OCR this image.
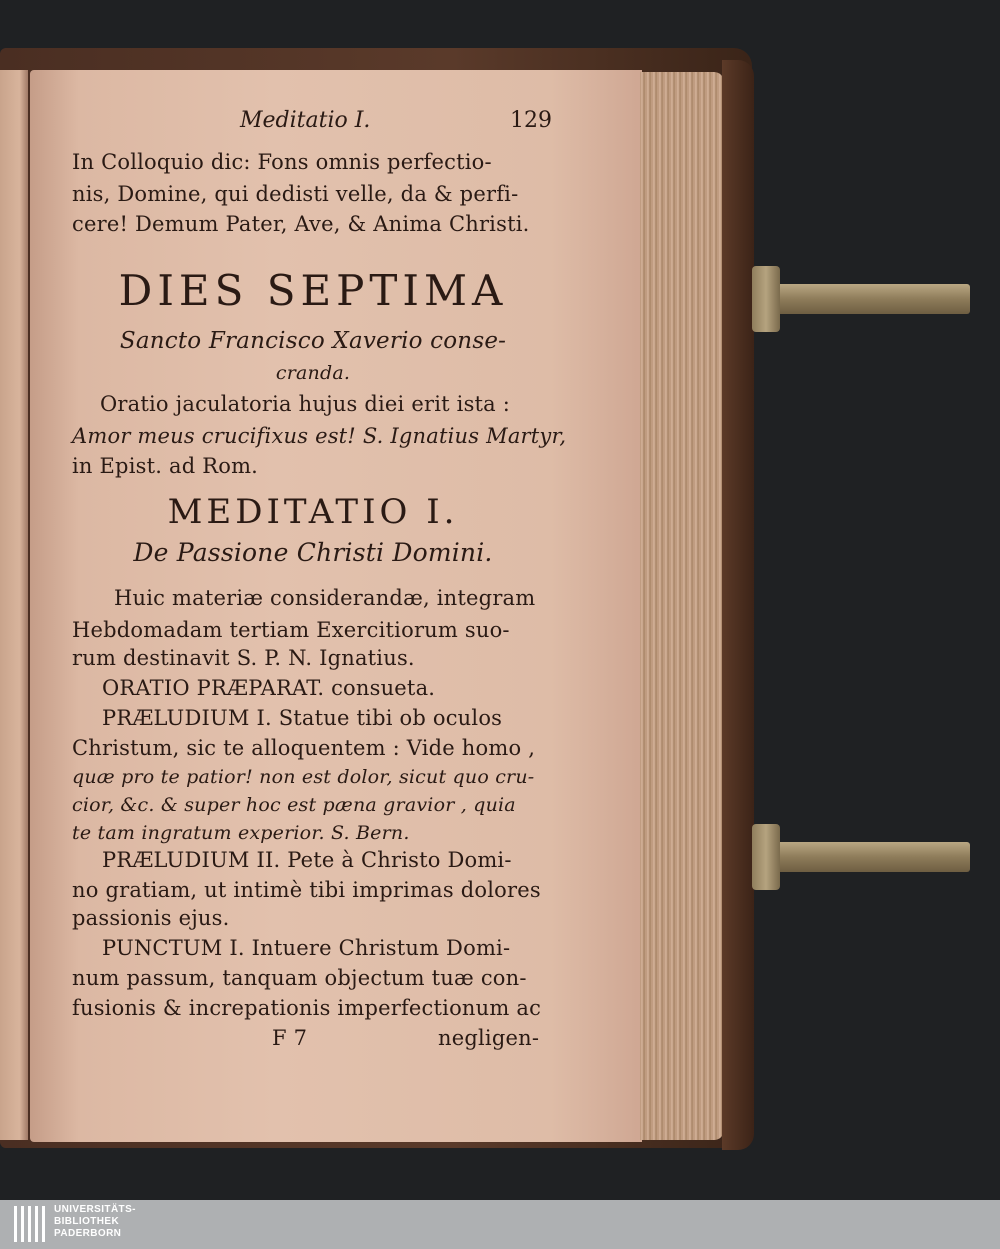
Meditatio I.	129
In Colloquio dic: Fons omnis perfectio-
nis, Domine, qui dedisti velle, da & perfi-
cere! Demum Pater, Ave, & Anima Christi.
DIES SEPTIMA
Sancto Francisco Xaverio conse-
cranda.
Oratio jaculatoria hujus diei erit ista :
Amor meus crucifixus est! S. Ignatius Martyr,
in Epist. ad Rom.
MEDITATIO I.
De Passione Christi Domini.
Huic materiæ considerandæ, integram
Hebdomadam tertiam Exercitiorum suo-
rum destinavit S. P. N. Ignatius.
ORATIO PRÆPARAT. consueta.
PRÆLUDIUM I. Statue tibi ob oculos
Christum, sic te alloquentem : Vide homo ,
quæ pro te patior! non est dolor, sicut quo cru-
cior, &c. & super hoc est pæna gravior , quia
te tam ingratum experior. S. Bern.
PRÆLUDIUM II. Pete à Christo Domi-
no gratiam, ut intimè tibi imprimas dolores
passionis ejus.
PUNCTUM I. Intuere Christum Domi-
num passum, tanquam objectum tuæ con-
fusionis & increpationis imperfectionum ac
F 7	negligen-
UNIVERSITÄTS-
BIBLIOTHEK
PADERBORN
